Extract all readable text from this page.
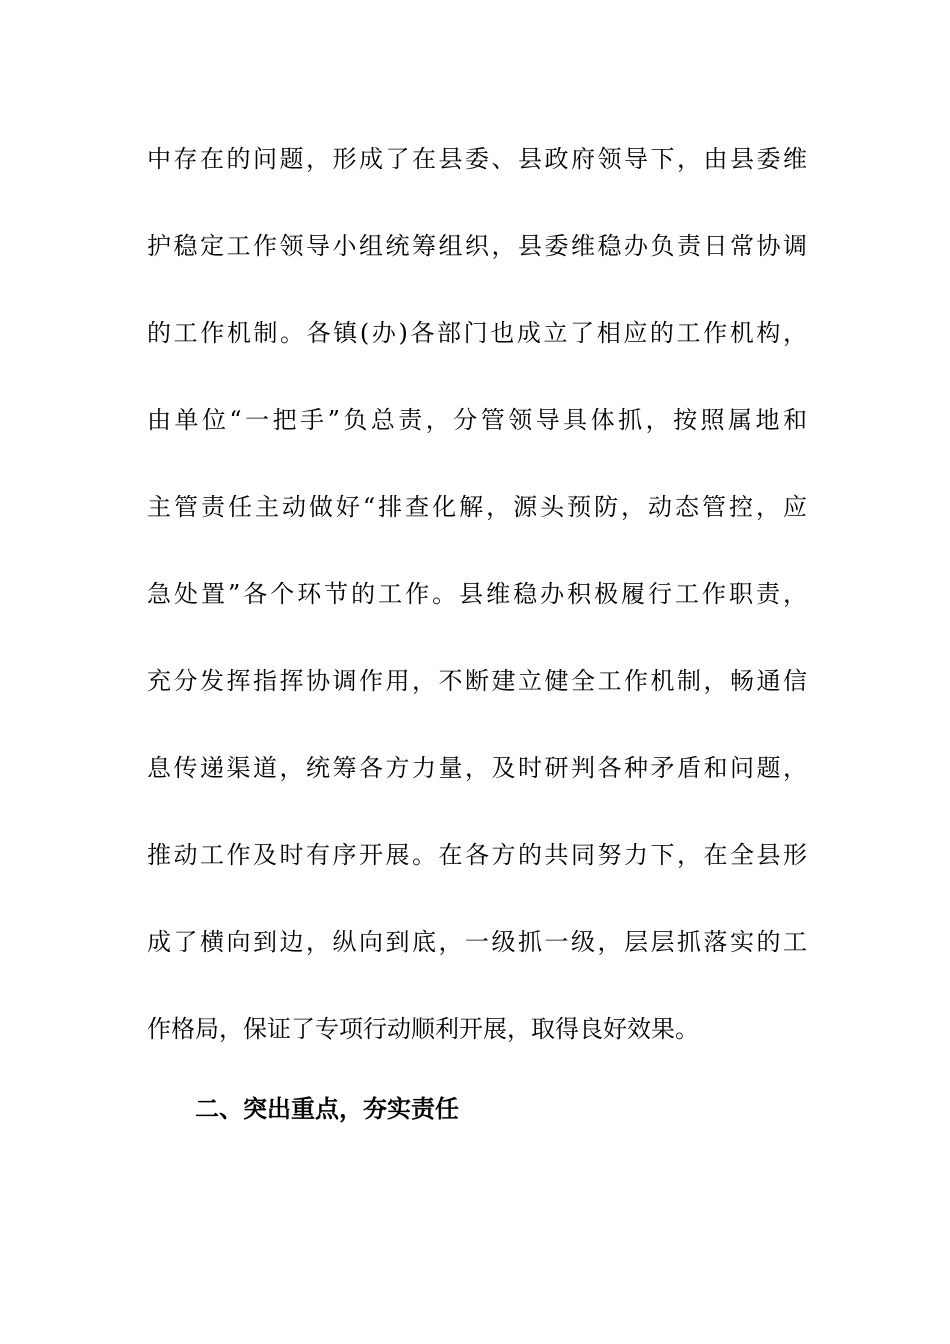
中存在的问题，形成了在县委、县政府领导下，由县委维
护稳定工作领导小组统筹组织，县委维稳办负责日常协调
的工作机制。各镇(办)各部门也成立了相应的工作机构，
由单位“一把手”负总责，分管领导具体抓，按照属地和
主管责任主动做好“排查化解，源头预防，动态管控，应
急处置”各个环节的工作。县维稳办积极履行工作职责，
充分发挥指挥协调作用，不断建立健全工作机制，畅通信
息传递渠道，统筹各方力量，及时研判各种矛盾和问题，
推动工作及时有序开展。在各方的共同努力下，在全县形
成了横向到边，纵向到底，一级抓一级，层层抓落实的工
作格局，保证了专项行动顺利开展，取得良好效果。
二、突出重点，夯实责任
